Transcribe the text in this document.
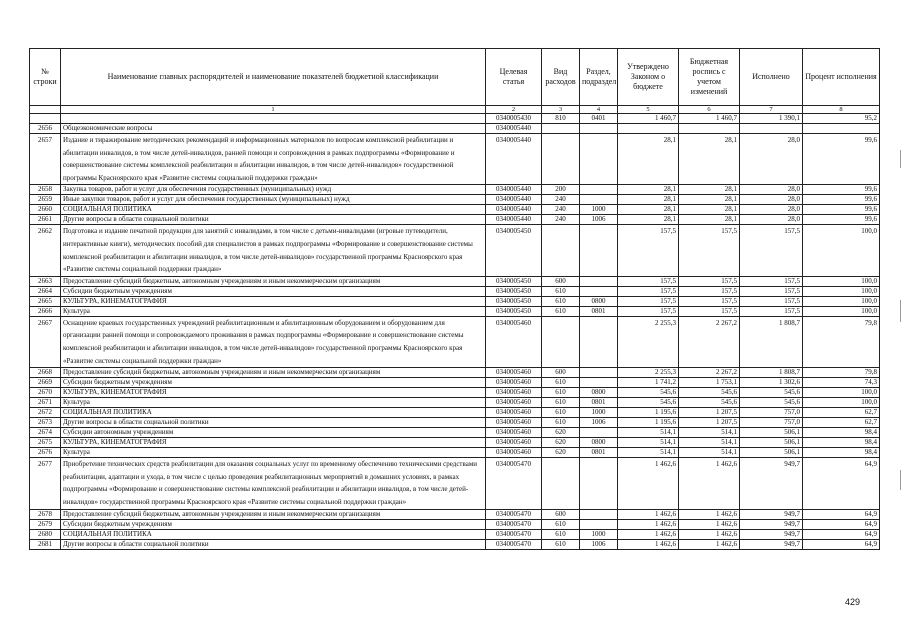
№ строки	Наименование главных распорядителей и наименование показателей бюджетной классификации	Целевая статья	Вид расходов	Раздел, подраздел	Утверждено Законом о бюджете	Бюджетная роспись с учетом изменений	Исполнено	Процент исполнения
	1	2	3	4	5	6	7	8
		0340005430	810	0401	1 460,7	1 460,7	1 390,1	95,2
2656	Общеэкономические вопросы	0340005440						
2657	Издание и тиражирование методических рекомендаций и информационных материалов по вопросам комплексной реабилитации и абилитации инвалидов, в том числе детей-инвалидов, ранней помощи и сопровождения в рамках подпрограммы «Формирование и совершенствование системы комплексной реабилитации и абилитации инвалидов, в том числе детей-инвалидов» государственной программы Красноярского края «Развитие системы социальной поддержки граждан»	0340005440			28,1	28,1	28,0	99,6
2658	Закупка товаров, работ и услуг для обеспечения государственных (муниципальных) нужд	0340005440	200		28,1	28,1	28,0	99,6
2659	Иные закупки товаров, работ и услуг для обеспечения государственных (муниципальных) нужд	0340005440	240		28,1	28,1	28,0	99,6
2660	СОЦИАЛЬНАЯ ПОЛИТИКА	0340005440	240	1000	28,1	28,1	28,0	99,6
2661	Другие вопросы в области социальной политики	0340005440	240	1006	28,1	28,1	28,0	99,6
2662	Подготовка и издание печатной продукции для занятий с инвалидами, в том числе с детьми-инвалидами (игровые путеводители, интерактивные книги), методических пособий для специалистов в рамках подпрограммы «Формирование и совершенствование системы комплексной реабилитации и абилитации инвалидов, в том числе детей-инвалидов» государственной программы Красноярского края «Развитие системы социальной поддержки граждан»	0340005450			157,5	157,5	157,5	100,0
2663	Предоставление субсидий бюджетным, автономным учреждениям и иным некоммерческим организациям	0340005450	600		157,5	157,5	157,5	100,0
2664	Субсидии бюджетным учреждениям	0340005450	610		157,5	157,5	157,5	100,0
2665	КУЛЬТУРА, КИНЕМАТОГРАФИЯ	0340005450	610	0800	157,5	157,5	157,5	100,0
2666	Культура	0340005450	610	0801	157,5	157,5	157,5	100,0
2667	Оснащение краевых государственных учреждений реабилитационным и абилитационным оборудованием и оборудованием для организации ранней помощи и сопровождаемого проживания в рамках подпрограммы «Формирование и совершенствование системы комплексной реабилитации и абилитации инвалидов, в том числе детей-инвалидов» государственной программы Красноярского края «Развитие системы социальной поддержки граждан»	0340005460			2 255,3	2 267,2	1 808,7	79,8
2668	Предоставление субсидий бюджетным, автономным учреждениям и иным некоммерческим организациям	0340005460	600		2 255,3	2 267,2	1 808,7	79,8
2669	Субсидии бюджетным учреждениям	0340005460	610		1 741,2	1 753,1	1 302,6	74,3
2670	КУЛЬТУРА, КИНЕМАТОГРАФИЯ	0340005460	610	0800	545,6	545,6	545,6	100,0
2671	Культура	0340005460	610	0801	545,6	545,6	545,6	100,0
2672	СОЦИАЛЬНАЯ ПОЛИТИКА	0340005460	610	1000	1 195,6	1 207,5	757,0	62,7
2673	Другие вопросы в области социальной политики	0340005460	610	1006	1 195,6	1 207,5	757,0	62,7
2674	Субсидии автономным учреждениям	0340005460	620		514,1	514,1	506,1	98,4
2675	КУЛЬТУРА, КИНЕМАТОГРАФИЯ	0340005460	620	0800	514,1	514,1	506,1	98,4
2676	Культура	0340005460	620	0801	514,1	514,1	506,1	98,4
2677	Приобретение технических средств реабилитации для оказания социальных услуг по временному обеспечению техническими средствами реабилитации, адаптации и ухода, в том числе с целью проведения реабилитационных мероприятий в домашних условиях, в рамках подпрограммы «Формирование и совершенствование системы комплексной реабилитации и абилитации инвалидов, в том числе детей-инвалидов» государственной программы Красноярского края «Развитие системы социальной поддержки граждан»	0340005470			1 462,6	1 462,6	949,7	64,9
2678	Предоставление субсидий бюджетным, автономным учреждениям и иным некоммерческим организациям	0340005470	600		1 462,6	1 462,6	949,7	64,9
2679	Субсидии бюджетным учреждениям	0340005470	610		1 462,6	1 462,6	949,7	64,9
2680	СОЦИАЛЬНАЯ ПОЛИТИКА	0340005470	610	1000	1 462,6	1 462,6	949,7	64,9
2681	Другие вопросы в области социальной политики	0340005470	610	1006	1 462,6	1 462,6	949,7	64,9
429
